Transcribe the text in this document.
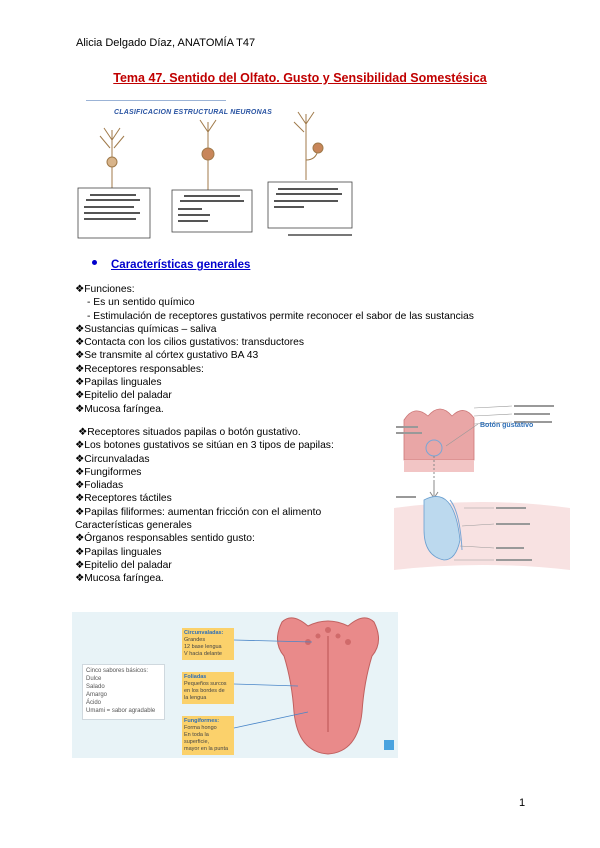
Alicia Delgado Díaz, ANATOMÍA T47
Tema 47. Sentido del Olfato. Gusto y Sensibilidad Somestésica
CLASIFICACION ESTRUCTURAL NEURONAS
Características generales
❖Funciones:
- Es un sentido químico
- Estimulación de receptores gustativos permite reconocer el sabor de las sustancias
❖Sustancias químicas – saliva
❖Contacta con los cilios gustativos: transductores
❖Se transmite al córtex gustativo BA 43
❖Receptores responsables:
❖Papilas linguales
❖Epitelio del paladar
❖Mucosa faríngea.
❖Receptores situados papilas o botón gustativo.
❖Los botones gustativos se sitúan en 3 tipos de papilas:
❖Circunvaladas
❖Fungiformes
❖Foliadas
❖Receptores táctiles
❖Papilas filiformes: aumentan fricción con el alimento
Características generales
❖Órganos responsables sentido gusto:
❖Papilas linguales
❖Epitelio del paladar
❖Mucosa faríngea.
Botón gustativo
Cinco sabores básicos:
Dulce
Salado
Amargo
Ácido
Umami = sabor agradable
Circunvaladas:
Grandes
12 base lengua
V hacia delante
Foliadas
Pequeños surcos
en los bordes de
la lengua
Fungiformes:
Forma hongo
En toda la superficie,
mayor en la punta
1
